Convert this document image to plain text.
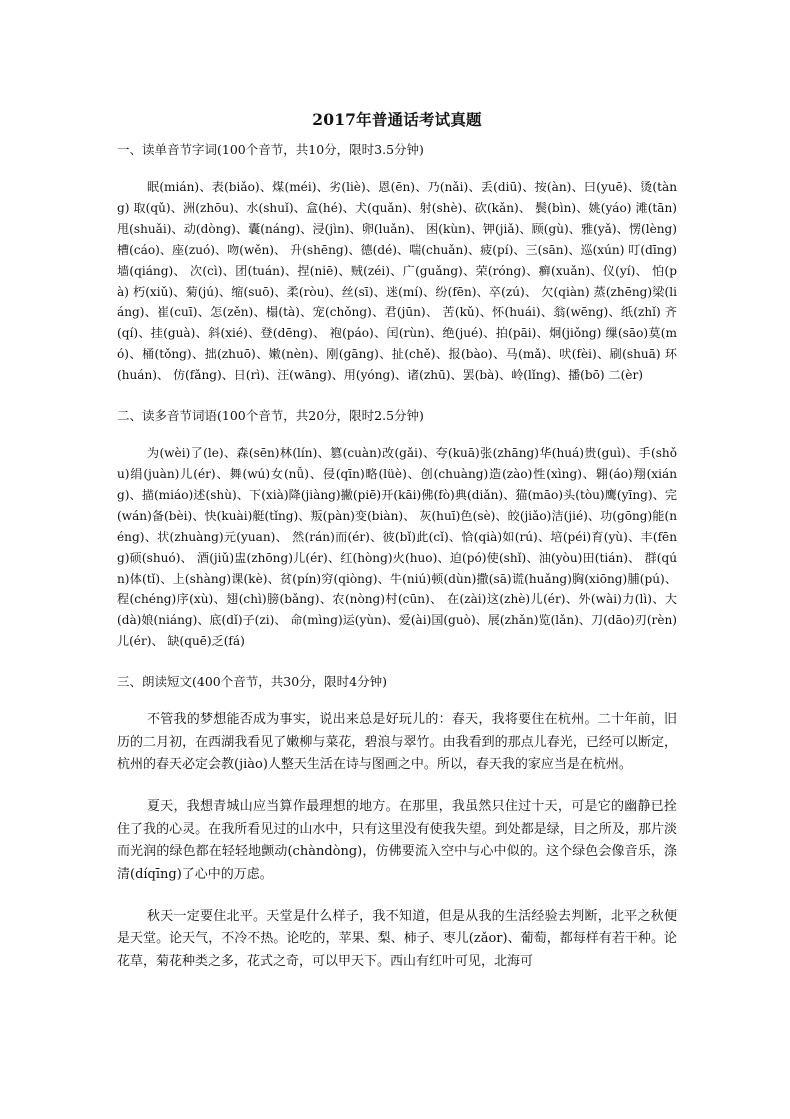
2017年普通话考试真题
一、读单音节字词(100个音节，共10分，限时3.5分钟)
眠(mián)、表(biǎo)、煤(méi)、劣(liè)、恩(ēn)、乃(nǎi)、丢(diū)、按(àn)、曰(yuē)、烫(tàng) 取(qǔ)、洲(zhōu)、水(shuǐ)、盒(hé)、犬(quǎn)、射(shè)、砍(kǎn)、 鬓(bìn)、姚(yáo) 滩(tān)甩(shuǎi)、动(dòng)、囊(náng)、浸(jìn)、卵(luǎn)、 困(kùn)、钾(jiǎ)、顾(gù)、雅(yǎ)、愣(lèng) 槽(cáo)、座(zuó)、吻(wěn)、 升(shēng)、德(dé)、喘(chuǎn)、疲(pí)、三(sān)、巡(xún) 叮(dīng)墙(qiáng)、 次(cì)、团(tuán)、捏(niē)、贼(zéi)、广(guǎng)、荣(róng)、癣(xuǎn)、仪(yí)、 怕(pà) 朽(xiǔ)、菊(jú)、缩(suō)、柔(ròu)、丝(sī)、迷(mí)、纷(fēn)、卒(zú)、 欠(qiàn) 蒸(zhēng)梁(liáng)、崔(cuī)、怎(zěn)、榻(tà)、宠(chǒng)、君(jūn)、 苦(kǔ)、怀(huái)、翁(wēng)、纸(zhǐ) 齐(qí)、挂(guà)、斜(xié)、登(dēng)、 袍(páo)、闰(rùn)、绝(jué)、拍(pāi)、炯(jiǒng) 缫(sāo)莫(mó)、桶(tǒng)、拙(zhuō)、嫩(nèn)、刚(gāng)、扯(chě)、报(bào)、马(mǎ)、吠(fèi)、刷(shuā) 环(huán)、 仿(fǎng)、日(rì)、汪(wāng)、用(yóng)、诸(zhū)、罢(bà)、岭(lǐng)、播(bō) 二(èr)
二、读多音节词语(100个音节，共20分，限时2.5分钟)
为(wèi)了(le)、森(sēn)林(lín)、篡(cuàn)改(gǎi)、夸(kuā)张(zhāng)华(huá)贵(guì)、手(shǒu)绢(juàn)儿(ér)、舞(wú)女(nǚ)、侵(qīn)略(lüè)、创(chuàng)造(zào)性(xìng)、翱(áo)翔(xiáng)、描(miáo)述(shù)、下(xià)降(jiàng)撇(piē)开(kāi)佛(fò)典(diǎn)、猫(māo)头(tòu)鹰(yīng)、完(wán)备(bèi)、快(kuài)艇(tǐng)、叛(pàn)变(biàn)、 灰(huī)色(sè)、皎(jiǎo)洁(jié)、功(gōng)能(néng)、状(zhuàng)元(yuan)、 然(rán)而(ér)、彼(bǐ)此(cǐ)、恰(qià)如(rú)、培(péi)育(yù)、丰(fēng)硕(shuó)、 酒(jiǔ)盅(zhōng)儿(ér)、红(hòng)火(huo)、迫(pó)使(shǐ)、油(yòu)田(tián)、 群(qún)体(tǐ)、上(shàng)课(kè)、贫(pín)穷(qiòng)、牛(niú)顿(dùn)撒(sā)谎(huǎng)胸(xiōng)脯(pú)、程(chéng)序(xù)、翅(chì)膀(bǎng)、农(nòng)村(cūn)、 在(zài)这(zhè)儿(ér)、外(wài)力(lì)、大(dà)娘(niáng)、底(dǐ)子(zi)、 命(mìng)运(yùn)、爱(ài)国(guò)、展(zhǎn)览(lǎn)、刀(dāo)刃(rèn)儿(ér)、 缺(quē)乏(fá)
三、朗读短文(400个音节，共30分，限时4分钟)
不管我的梦想能否成为事实，说出来总是好玩儿的：春天，我将要住在杭州。二十年前，旧历的二月初，在西湖我看见了嫩柳与菜花，碧浪与翠竹。由我看到的那点儿春光，已经可以断定，杭州的春天必定会教(jiào)人整天生活在诗与图画之中。所以，春天我的家应当是在杭州。
夏天，我想青城山应当算作最理想的地方。在那里，我虽然只住过十天，可是它的幽静已拴住了我的心灵。在我所看见过的山水中，只有这里没有使我失望。到处都是绿，目之所及，那片淡而光润的绿色都在轻轻地颤动(chàndòng)，仿佛要流入空中与心中似的。这个绿色会像音乐，涤清(díqīng)了心中的万虑。
秋天一定要住北平。天堂是什么样子，我不知道，但是从我的生活经验去判断，北平之秋便是天堂。论天气，不冷不热。论吃的，苹果、梨、柿子、枣儿(zǎor)、葡萄，都每样有若干种。论花草，菊花种类之多，花式之奇，可以甲天下。西山有红叶可见，北海可
